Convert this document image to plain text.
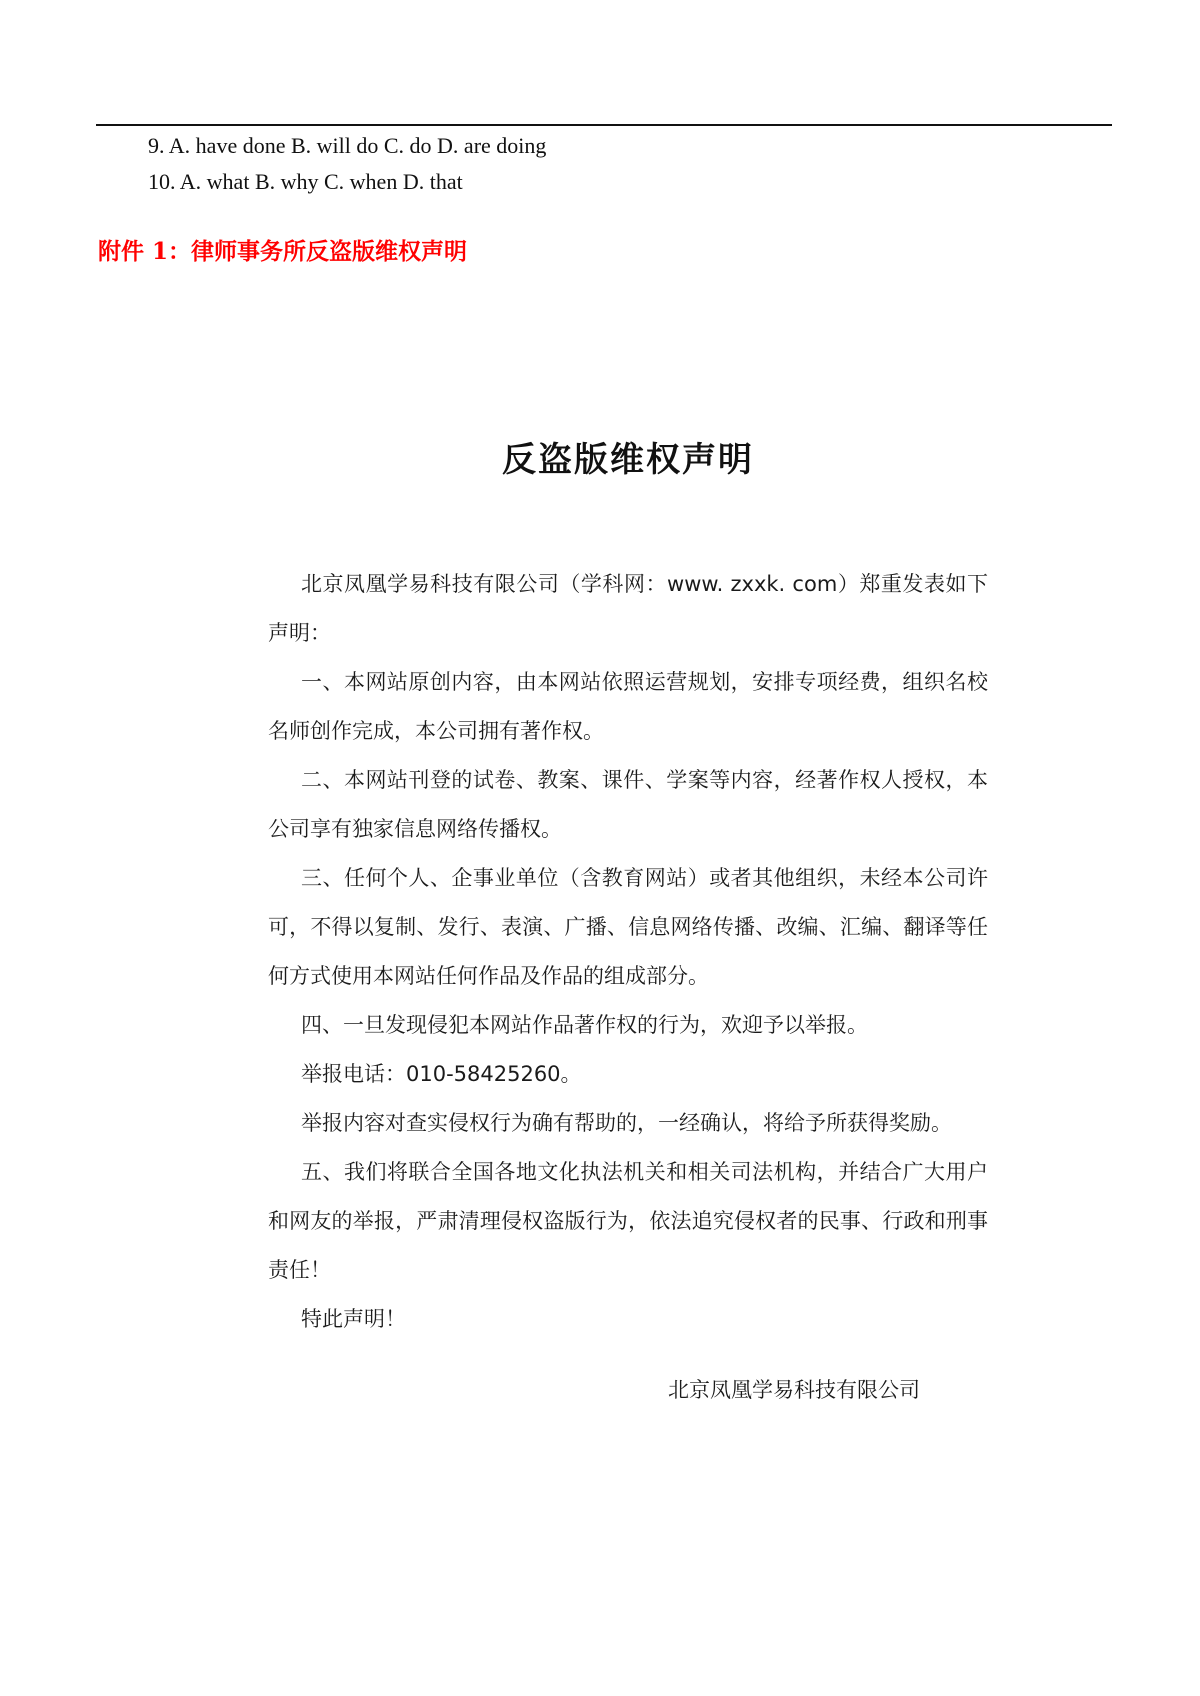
9. A. have done B. will do C. do D. are doing
10. A. what B. why C. when D. that
附件 1：律师事务所反盗版维权声明
反盗版维权声明

北京凤凰学易科技有限公司（学科网：www. zxxk. com）郑重发表如下声明：

一、本网站原创内容，由本网站依照运营规划，安排专项经费，组织名校名师创作完成，本公司拥有著作权。

二、本网站刊登的试卷、教案、课件、学案等内容，经著作权人授权，本公司享有独家信息网络传播权。

三、任何个人、企事业单位（含教育网站）或者其他组织，未经本公司许可，不得以复制、发行、表演、广播、信息网络传播、改编、汇编、翻译等任何方式使用本网站任何作品及作品的组成部分。

四、一旦发现侵犯本网站作品著作权的行为，欢迎予以举报。

举报电话：010-58425260。

举报内容对查实侵权行为确有帮助的，一经确认，将给予所获得奖励。

五、我们将联合全国各地文化执法机关和相关司法机构，并结合广大用户和网友的举报，严肃清理侵权盗版行为，依法追究侵权者的民事、行政和刑事责任！

特此声明！

北京凤凰学易科技有限公司
